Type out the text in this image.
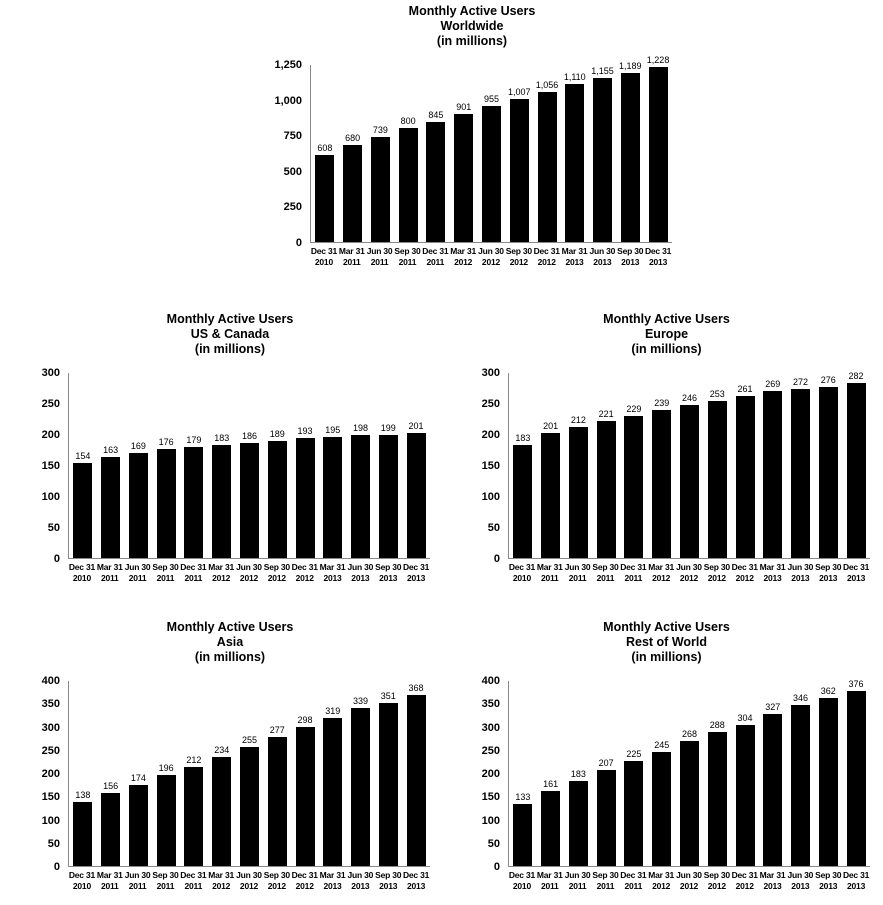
Monthly Active Users
Worldwide
(in millions)
0
250
500
750
1,000
1,250
608
680
739
800
845
901
955
1,007
1,056
1,110
1,155 1,189
1,228
Dec 31
2010
Mar 31
2011
Jun 30
2011
Sep 30
2011
Dec 31
2011
Mar 31
2012
Jun 30
2012
Sep 30
2012
Dec 31
2012
Mar 31
2013
Jun 30
2013
Sep 30
2013
Dec 31
2013
Monthly Active Users
US & Canada
(in millions)
0
50
100
150
200
250
300
154
163 169 176 179 183 186 189 193 195 198 199 201
Dec 31
2010
Mar 31
2011
Jun 30
2011
Sep 30
2011
Dec 31
2011
Mar 31
2012
Jun 30
2012
Sep 30
2012
Dec 31
2012
Mar 31
2013
Jun 30
2013
Sep 30
2013
Dec 31
2013
Monthly Active Users
Europe
(in millions)
0
50
100
150
200
250
300
183
201
212
221 229
239 246 253 261 269 272 276 282
Dec 31
2010
Mar 31
2011
Jun 30
2011
Sep 30
2011
Dec 31
2011
Mar 31
2012
Jun 30
2012
Sep 30
2012
Dec 31
2012
Mar 31
2013
Jun 30
2013
Sep 30
2013
Dec 31
2013
Monthly Active Users
Asia
(in millions)
0
50
100
150
200
250
300
350
400
138
156
174
196
212
234
255
277
298
319
339
351
368
Dec 31
2010
Mar 31
2011
Jun 30
2011
Sep 30
2011
Dec 31
2011
Mar 31
2012
Jun 30
2012
Sep 30
2012
Dec 31
2012
Mar 31
2013
Jun 30
2013
Sep 30
2013
Dec 31
2013
Monthly Active Users
Rest of World
(in millions)
0
50
100
150
200
250
300
350
400
133
161
183
207
225
245
268
288
304
327
346
362
376
Dec 31
2010
Mar 31
2011
Jun 30
2011
Sep 30
2011
Dec 31
2011
Mar 31
2012
Jun 30
2012
Sep 30
2012
Dec 31
2012
Mar 31
2013
Jun 30
2013
Sep 30
2013
Dec 31
2013
